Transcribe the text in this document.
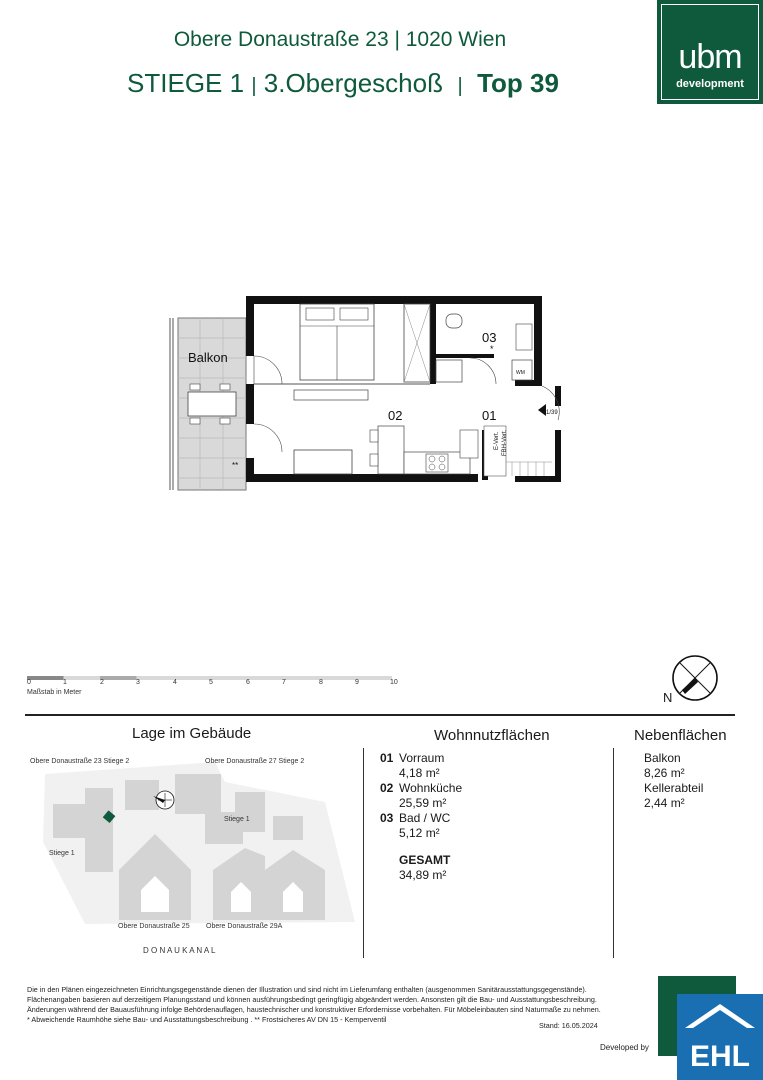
Obere Donaustraße 23 | 1020 Wien
STIEGE 1 | 3.Obergeschoß | Top 39
ubm
development
Balkon
02	01
03
*
1/39
WM
**
E-Vert. FBH-Vert.
0	1	2	3	4	5	6	7	8	9	10
Maßstab in Meter	N
Lage im Gebäude	Wohnnutzflächen	Nebenflächen
Obere Donaustraße 23 Stiege 2	Obere Donaustraße 27 Stiege 2
Stiege 1
Stiege 1
Obere Donaustraße 25 Obere Donaustraße 29A
D O N A U K A N A L
01 Vorraum
4,18 m²
02 Wohnküche
25,59 m²
03 Bad / WC
5,12 m²
GESAMT
34,89 m²
Balkon
8,26 m²
Kellerabteil
2,44 m²

Die in den Plänen eingezeichneten Einrichtungsgegenstände dienen der Illustration und sind nicht im Lieferumfang enthalten (ausgenommen Sanitärausstattungsgegenstände).

Flächenangaben basieren auf derzeitigem Planungsstand und können ausführungsbedingt geringfügig abgeändert werden. Ansonsten gilt die Bau- und Ausstattungsbeschreibung.

Änderungen während der Bauausführung infolge Behördenauflagen, haustechnischer und konstruktiver Erfordernisse vorbehalten. Für Möbeleinbauten sind Naturmaße zu nehmen.

* Abweichende Raumhöhe siehe Bau- und Ausstattungsbeschreibung . ** Frostsicheres AV DN 15 - Kemperventil

Stand: 16.05.2024
Developed by EHL
